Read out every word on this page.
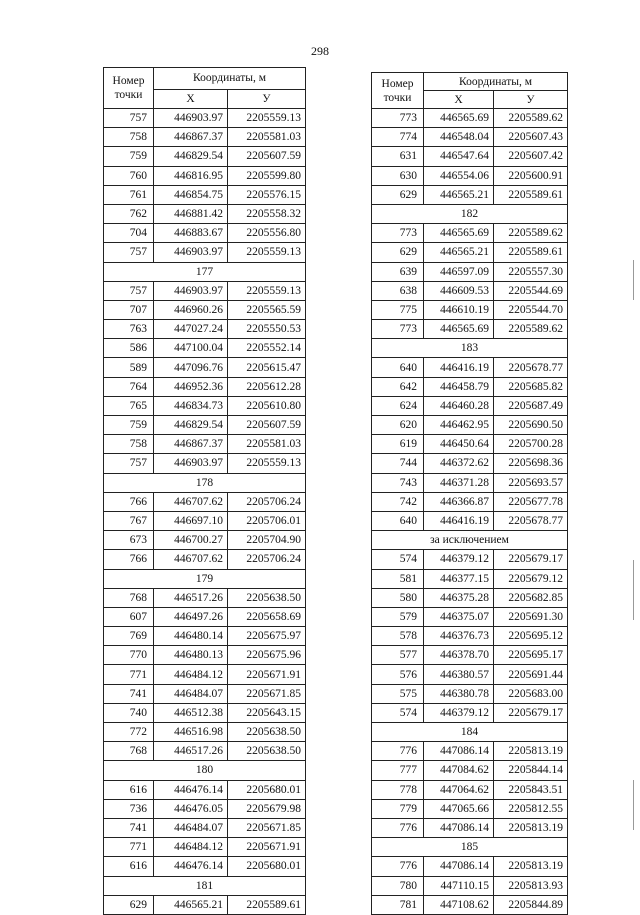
298
Номер точки	Координаты, м	
	X	У
757	446903.97	2205559.13
758	446867.37	2205581.03
759	446829.54	2205607.59
760	446816.95	2205599.80
761	446854.75	2205576.15
762	446881.42	2205558.32
704	446883.67	2205556.80
757	446903.97	2205559.13
177		
757	446903.97	2205559.13
707	446960.26	2205565.59
763	447027.24	2205550.53
586	447100.04	2205552.14
589	447096.76	2205615.47
764	446952.36	2205612.28
765	446834.73	2205610.80
759	446829.54	2205607.59
758	446867.37	2205581.03
757	446903.97	2205559.13
178		
766	446707.62	2205706.24
767	446697.10	2205706.01
673	446700.27	2205704.90
766	446707.62	2205706.24
179		
768	446517.26	2205638.50
607	446497.26	2205658.69
769	446480.14	2205675.97
770	446480.13	2205675.96
771	446484.12	2205671.91
741	446484.07	2205671.85
740	446512.38	2205643.15
772	446516.98	2205638.50
768	446517.26	2205638.50
180		
616	446476.14	2205680.01
736	446476.05	2205679.98
741	446484.07	2205671.85
771	446484.12	2205671.91
616	446476.14	2205680.01
181		
629	446565.21	2205589.61
Номер точки	Координаты, м	
	X	У
773	446565.69	2205589.62
774	446548.04	2205607.43
631	446547.64	2205607.42
630	446554.06	2205600.91
629	446565.21	2205589.61
182		
773	446565.69	2205589.62
629	446565.21	2205589.61
639	446597.09	2205557.30
638	446609.53	2205544.69
775	446610.19	2205544.70
773	446565.69	2205589.62
183		
640	446416.19	2205678.77
642	446458.79	2205685.82
624	446460.28	2205687.49
620	446462.95	2205690.50
619	446450.64	2205700.28
744	446372.62	2205698.36
743	446371.28	2205693.57
742	446366.87	2205677.78
640	446416.19	2205678.77
за исключением		
574	446379.12	2205679.17
581	446377.15	2205679.12
580	446375.28	2205682.85
579	446375.07	2205691.30
578	446376.73	2205695.12
577	446378.70	2205695.17
576	446380.57	2205691.44
575	446380.78	2205683.00
574	446379.12	2205679.17
184		
776	447086.14	2205813.19
777	447084.62	2205844.14
778	447064.62	2205843.51
779	447065.66	2205812.55
776	447086.14	2205813.19
185		
776	447086.14	2205813.19
780	447110.15	2205813.93
781	447108.62	2205844.89
